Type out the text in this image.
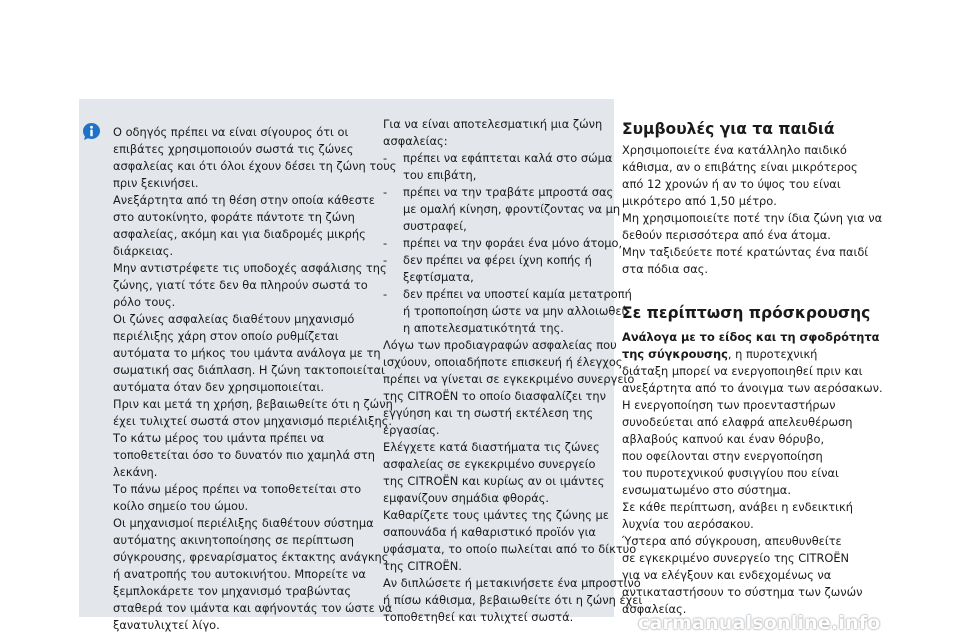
Ο οδηγός πρέπει να είναι σίγουρος ότι οι

επιβάτες χρησιμοποιούν σωστά τις ζώνες

ασφαλείας και ότι όλοι έχουν δέσει τη ζώνη τους

πριν ξεκινήσει.

Ανεξάρτητα από τη θέση στην οποία κάθεστε

στο αυτοκίνητο, φοράτε πάντοτε τη ζώνη

ασφαλείας, ακόμη και για διαδρομές μικρής

διάρκειας.

Μην αντιστρέφετε τις υποδοχές ασφάλισης της

ζώνης, γιατί τότε δεν θα πληρούν σωστά το

ρόλο τους.

Οι ζώνες ασφαλείας διαθέτουν μηχανισμό

περιέλιξης χάρη στον οποίο ρυθμίζεται

αυτόματα το μήκος του ιμάντα ανάλογα με τη

σωματική σας διάπλαση. Η ζώνη τακτοποιείται

αυτόματα όταν δεν χρησιμοποιείται.

Πριν και μετά τη χρήση, βεβαιωθείτε ότι η ζώνη

έχει τυλιχτεί σωστά στον μηχανισμό περιέλιξης.

Το κάτω μέρος του ιμάντα πρέπει να

τοποθετείται όσο το δυνατόν πιο χαμηλά στη

λεκάνη.

Το πάνω μέρος πρέπει να τοποθετείται στο

κοίλο σημείο του ώμου.

Οι μηχανισμοί περιέλιξης διαθέτουν σύστημα

αυτόματης ακινητοποίησης σε περίπτωση

σύγκρουσης, φρεναρίσματος έκτακτης ανάγκης

ή ανατροπής του αυτοκινήτου. Μπορείτε να

ξεμπλοκάρετε τον μηχανισμό τραβώντας

σταθερά τον ιμάντα και αφήνοντάς τον ώστε να

ξανατυλιχτεί λίγο.

Για να είναι αποτελεσματική μια ζώνη

ασφαλείας:

- πρέπει να εφάπτεται καλά στο σώμα

του επιβάτη,

- πρέπει να την τραβάτε μπροστά σας

με ομαλή κίνηση, φροντίζοντας να μη

συστραφεί,

- πρέπει να την φοράει ένα μόνο άτομο,

- δεν πρέπει να φέρει ίχνη κοπής ή

ξεφτίσματα,

- δεν πρέπει να υποστεί καμία μετατροπή

ή τροποποίηση ώστε να μην αλλοιωθεί

η αποτελεσματικότητά της.

Λόγω των προδιαγραφών ασφαλείας που

ισχύουν, οποιαδήποτε επισκευή ή έλεγχος

πρέπει να γίνεται σε εγκεκριμένο συνεργείο

της CITROËN το οποίο διασφαλίζει την

εγγύηση και τη σωστή εκτέλεση της

εργασίας.

Ελέγχετε κατά διαστήματα τις ζώνες

ασφαλείας σε εγκεκριμένο συνεργείο

της CITROËN και κυρίως αν οι ιμάντες

εμφανίζουν σημάδια φθοράς.

Καθαρίζετε τους ιμάντες της ζώνης με

σαπουνάδα ή καθαριστικό προϊόν για

υφάσματα, το οποίο πωλείται από το δίκτυο

της CITROËN.

Αν διπλώσετε ή μετακινήσετε ένα μπροστινό

ή πίσω κάθισμα, βεβαιωθείτε ότι η ζώνη έχει

τοποθετηθεί και τυλιχτεί σωστά.

Συμβουλές για τα παιδιά

Χρησιμοποιείτε ένα κατάλληλο παιδικό

κάθισμα, αν ο επιβάτης είναι μικρότερος

από 12 χρονών ή αν το ύψος του είναι

μικρότερο από 1,50 μέτρο.

Μη χρησιμοποιείτε ποτέ την ίδια ζώνη για να

δεθούν περισσότερα από ένα άτομα.

Μην ταξιδεύετε ποτέ κρατώντας ένα παιδί

στα πόδια σας.

Σε περίπτωση πρόσκρουσης

Ανάλογα με το είδος και τη σφοδρότητα

της σύγκρουσης, η πυροτεχνική

διάταξη μπορεί να ενεργοποιηθεί πριν και

ανεξάρτητα από το άνοιγμα των αερόσακων.

Η ενεργοποίηση των προενταστήρων

συνοδεύεται από ελαφρά απελευθέρωση

αβλαβούς καπνού και έναν θόρυβο,

που οφείλονται στην ενεργοποίηση

του πυροτεχνικού φυσιγγίου που είναι

ενσωματωμένο στο σύστημα.

Σε κάθε περίπτωση, ανάβει η ενδεικτική

λυχνία του αερόσακου.

Ύστερα από σύγκρουση, απευθυνθείτε

σε εγκεκριμένο συνεργείο της CITROËN

για να ελέγξουν και ενδεχομένως να

αντικαταστήσουν το σύστημα των ζωνών

ασφαλείας.

carmanualsonline.info
